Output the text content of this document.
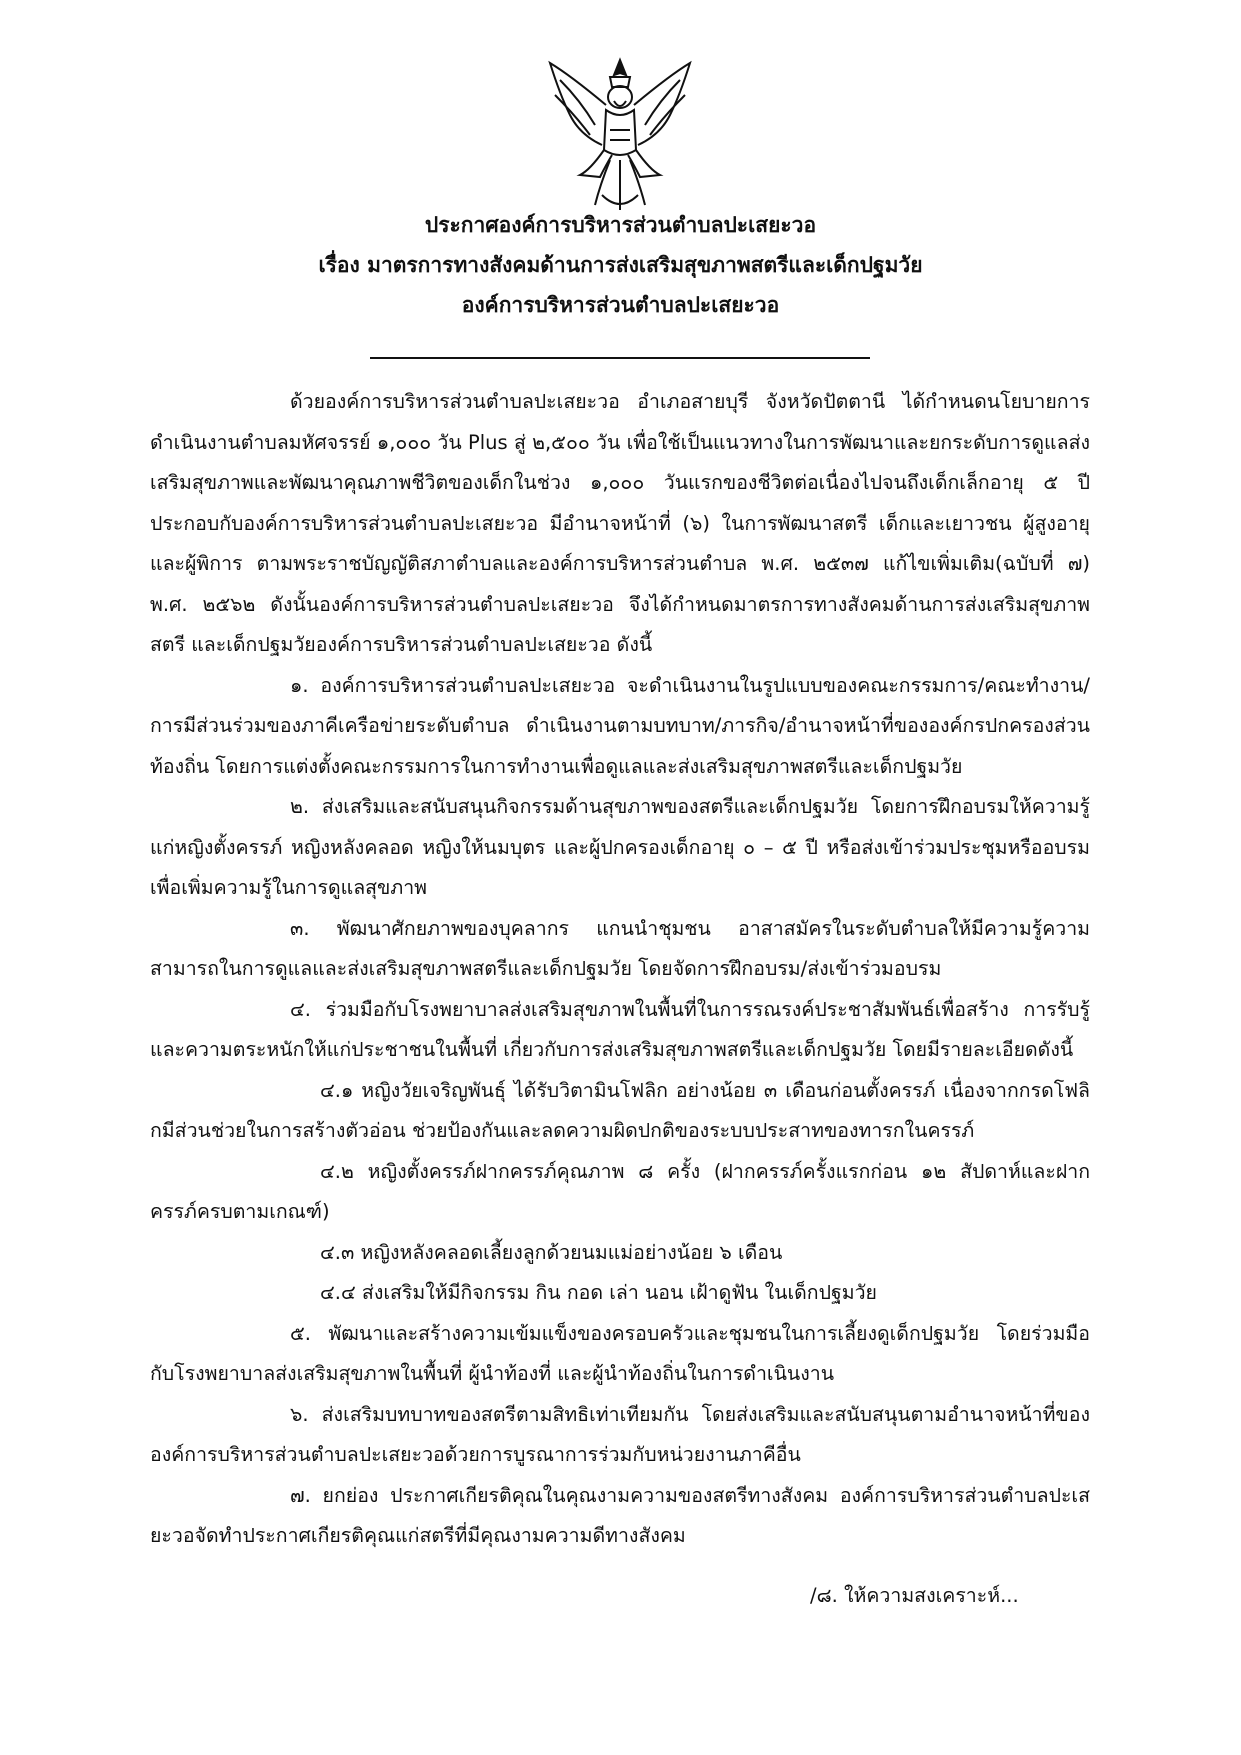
ประกาศองค์การบริหารส่วนตำบลปะเสยะวอ
เรื่อง มาตรการทางสังคมด้านการส่งเสริมสุขภาพสตรีและเด็กปฐมวัย
องค์การบริหารส่วนตำบลปะเสยะวอ

ด้วยองค์การบริหารส่วนตำบลปะเสยะวอ อำเภอสายบุรี จังหวัดปัตตานี ได้กำหนดนโยบายการดำเนินงานตำบลมหัศจรรย์ ๑,๐๐๐ วัน Plus สู่ ๒,๕๐๐ วัน เพื่อใช้เป็นแนวทางในการพัฒนาและยกระดับการดูแลส่งเสริมสุขภาพและพัฒนาคุณภาพชีวิตของเด็กในช่วง ๑,๐๐๐ วันแรกของชีวิตต่อเนื่องไปจนถึงเด็กเล็กอายุ ๕ ปี ประกอบกับองค์การบริหารส่วนตำบลปะเสยะวอ มีอำนาจหน้าที่ (๖) ในการพัฒนาสตรี เด็กและเยาวชน ผู้สูงอายุและผู้พิการ ตามพระราชบัญญัติสภาตำบลและองค์การบริหารส่วนตำบล พ.ศ. ๒๕๓๗ แก้ไขเพิ่มเติม(ฉบับที่ ๗) พ.ศ. ๒๕๖๒ ดังนั้นองค์การบริหารส่วนตำบลปะเสยะวอ จึงได้กำหนดมาตรการทางสังคมด้านการส่งเสริมสุขภาพสตรี และเด็กปฐมวัยองค์การบริหารส่วนตำบลปะเสยะวอ ดังนี้

๑. องค์การบริหารส่วนตำบลปะเสยะวอ จะดำเนินงานในรูปแบบของคณะกรรมการ/คณะทำงาน/การมีส่วนร่วมของภาคีเครือข่ายระดับตำบล ดำเนินงานตามบทบาท/ภารกิจ/อำนาจหน้าที่ขององค์กรปกครองส่วนท้องถิ่น โดยการแต่งตั้งคณะกรรมการในการทำงานเพื่อดูแลและส่งเสริมสุขภาพสตรีและเด็กปฐมวัย

๒. ส่งเสริมและสนับสนุนกิจกรรมด้านสุขภาพของสตรีและเด็กปฐมวัย โดยการฝึกอบรมให้ความรู้แก่หญิงตั้งครรภ์ หญิงหลังคลอด หญิงให้นมบุตร และผู้ปกครองเด็กอายุ ๐ – ๕ ปี หรือส่งเข้าร่วมประชุมหรืออบรมเพื่อเพิ่มความรู้ในการดูแลสุขภาพ

๓. พัฒนาศักยภาพของบุคลากร แกนนำชุมชน อาสาสมัครในระดับตำบลให้มีความรู้ความสามารถในการดูแลและส่งเสริมสุขภาพสตรีและเด็กปฐมวัย โดยจัดการฝึกอบรม/ส่งเข้าร่วมอบรม

๔. ร่วมมือกับโรงพยาบาลส่งเสริมสุขภาพในพื้นที่ในการรณรงค์ประชาสัมพันธ์เพื่อสร้าง การรับรู้และความตระหนักให้แก่ประชาชนในพื้นที่ เกี่ยวกับการส่งเสริมสุขภาพสตรีและเด็กปฐมวัย โดยมีรายละเอียดดังนี้

๔.๑ หญิงวัยเจริญพันธุ์ ได้รับวิตามินโฟลิก อย่างน้อย ๓ เดือนก่อนตั้งครรภ์ เนื่องจากกรดโฟลิกมีส่วนช่วยในการสร้างตัวอ่อน ช่วยป้องกันและลดความผิดปกติของระบบประสาทของทารกในครรภ์

๔.๒ หญิงตั้งครรภ์ฝากครรภ์คุณภาพ ๘ ครั้ง (ฝากครรภ์ครั้งแรกก่อน ๑๒ สัปดาห์และฝากครรภ์ครบตามเกณฑ์)

๔.๓ หญิงหลังคลอดเลี้ยงลูกด้วยนมแม่อย่างน้อย ๖ เดือน

๔.๔ ส่งเสริมให้มีกิจกรรม กิน กอด เล่า นอน เฝ้าดูฟัน ในเด็กปฐมวัย

๕. พัฒนาและสร้างความเข้มแข็งของครอบครัวและชุมชนในการเลี้ยงดูเด็กปฐมวัย โดยร่วมมือกับโรงพยาบาลส่งเสริมสุขภาพในพื้นที่ ผู้นำท้องที่ และผู้นำท้องถิ่นในการดำเนินงาน

๖. ส่งเสริมบทบาทของสตรีตามสิทธิเท่าเทียมกัน โดยส่งเสริมและสนับสนุนตามอำนาจหน้าที่ขององค์การบริหารส่วนตำบลปะเสยะวอด้วยการบูรณาการร่วมกับหน่วยงานภาคีอื่น

๗. ยกย่อง ประกาศเกียรติคุณในคุณงามความของสตรีทางสังคม องค์การบริหารส่วนตำบลปะเสยะวอจัดทำประกาศเกียรติคุณแก่สตรีที่มีคุณงามความดีทางสังคม

/๘. ให้ความสงเคราะห์...
